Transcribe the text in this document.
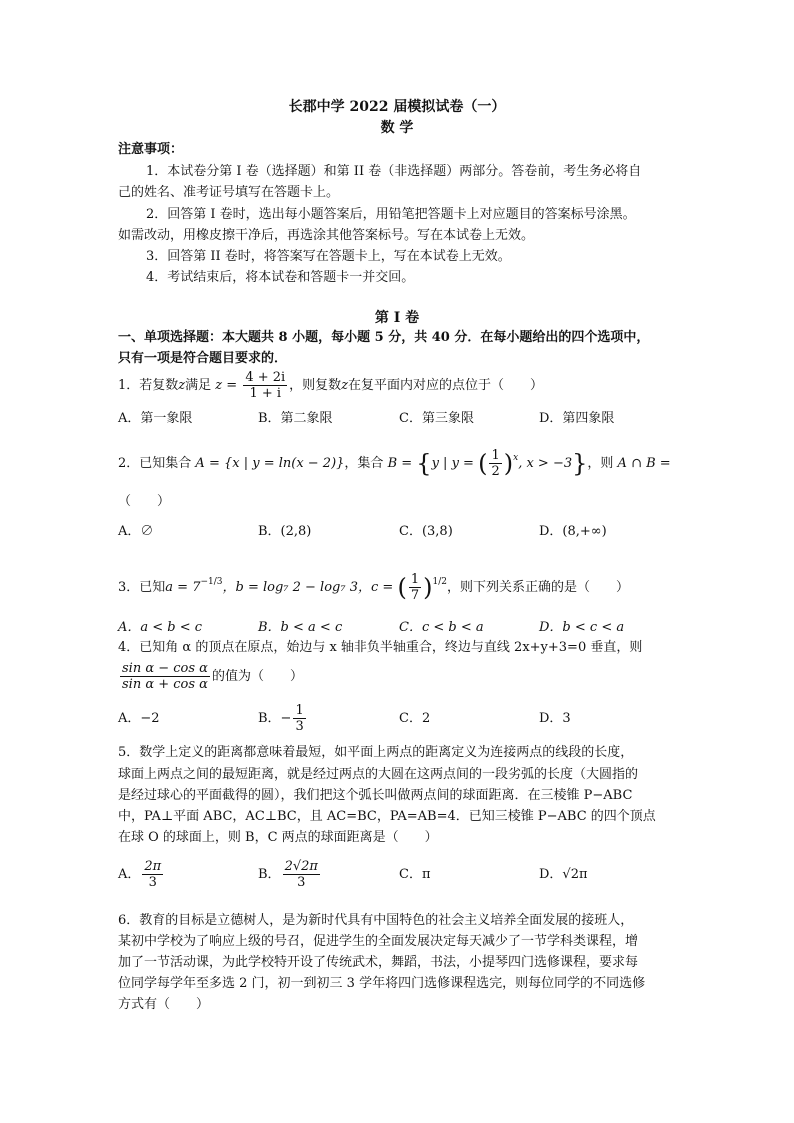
长郡中学 2022 届模拟试卷（一）
数 学
注意事项：
1．本试卷分第 I 卷（选择题）和第 II 卷（非选择题）两部分。答卷前，考生务必将自
己的姓名、准考证号填写在答题卡上。
2．回答第 I 卷时，选出每小题答案后，用铅笔把答题卡上对应题目的答案标号涂黑。
如需改动，用橡皮擦干净后，再选涂其他答案标号。写在本试卷上无效。
3．回答第 II 卷时，将答案写在答题卡上，写在本试卷上无效。
4．考试结束后，将本试卷和答题卡一并交回。
第 I 卷
一、单项选择题：本大题共 8 小题，每小题 5 分，共 40 分．在每小题给出的四个选项中，
只有一项是符合题目要求的．
1．若复数z满足 $z = \frac{4 + 2i}{1 + i}$ ，则复数z在复平面内对应的点位于（　　）
A．第一象限	B．第二象限	C．第三象限	D．第四象限
2．已知集合 A = {x | y = ln(x − 2)}，集合 B = {y | y = ( $\frac{1}{2} )^x$, x > −3}，则 A ∩ B =
（　　）
A．∅	B．(2,8)	C．(3,8)	D．(8,+∞)
3．已知$a = 7^{-1/3}$，b = log₇ 2 − log₇ 3，c = ( $\frac{1}{7} )^{1/2}$，则下列关系正确的是（　　）
A．a < b < c	B．b < a < c	C．c < b < a	D．b < c < a
4．已知角 α 的顶点在原点，始边与 x 轴非负半轴重合，终边与直线 2x+y+3=0 垂直，则
$\frac{\text{sin α − cos α}}{\text{sin α + cos α}}$ 的值为（　　）
A．−2	B．− $\frac{1}{3}$	C．2	D．3
5．数学上定义的距离都意味着最短，如平面上两点的距离定义为连接两点的线段的长度，
球面上两点之间的最短距离，就是经过两点的大圆在这两点间的一段劣弧的长度（大圆指的
是经过球心的平面截得的圆），我们把这个弧长叫做两点间的球面距离．在三棱锥 P−ABC
中，PA⊥平面 ABC，AC⊥BC，且 AC=BC，PA=AB=4．已知三棱锥 P−ABC 的四个顶点
在球 O 的球面上，则 B，C 两点的球面距离是（　　）
A． $\frac{2\pi}{3}$	B． $\frac{2√2\pi}{3}$	C．π	D．√2π
6．教育的目标是立德树人，是为新时代具有中国特色的社会主义培养全面发展的接班人，
某初中学校为了响应上级的号召，促进学生的全面发展决定每天减少了一节学科类课程，增
加了一节活动课，为此学校特开设了传统武术，舞蹈，书法，小提琴四门选修课程，要求每
位同学每学年至多选 2 门，初一到初三 3 学年将四门选修课程选完，则每位同学的不同选修
方式有（　　）
